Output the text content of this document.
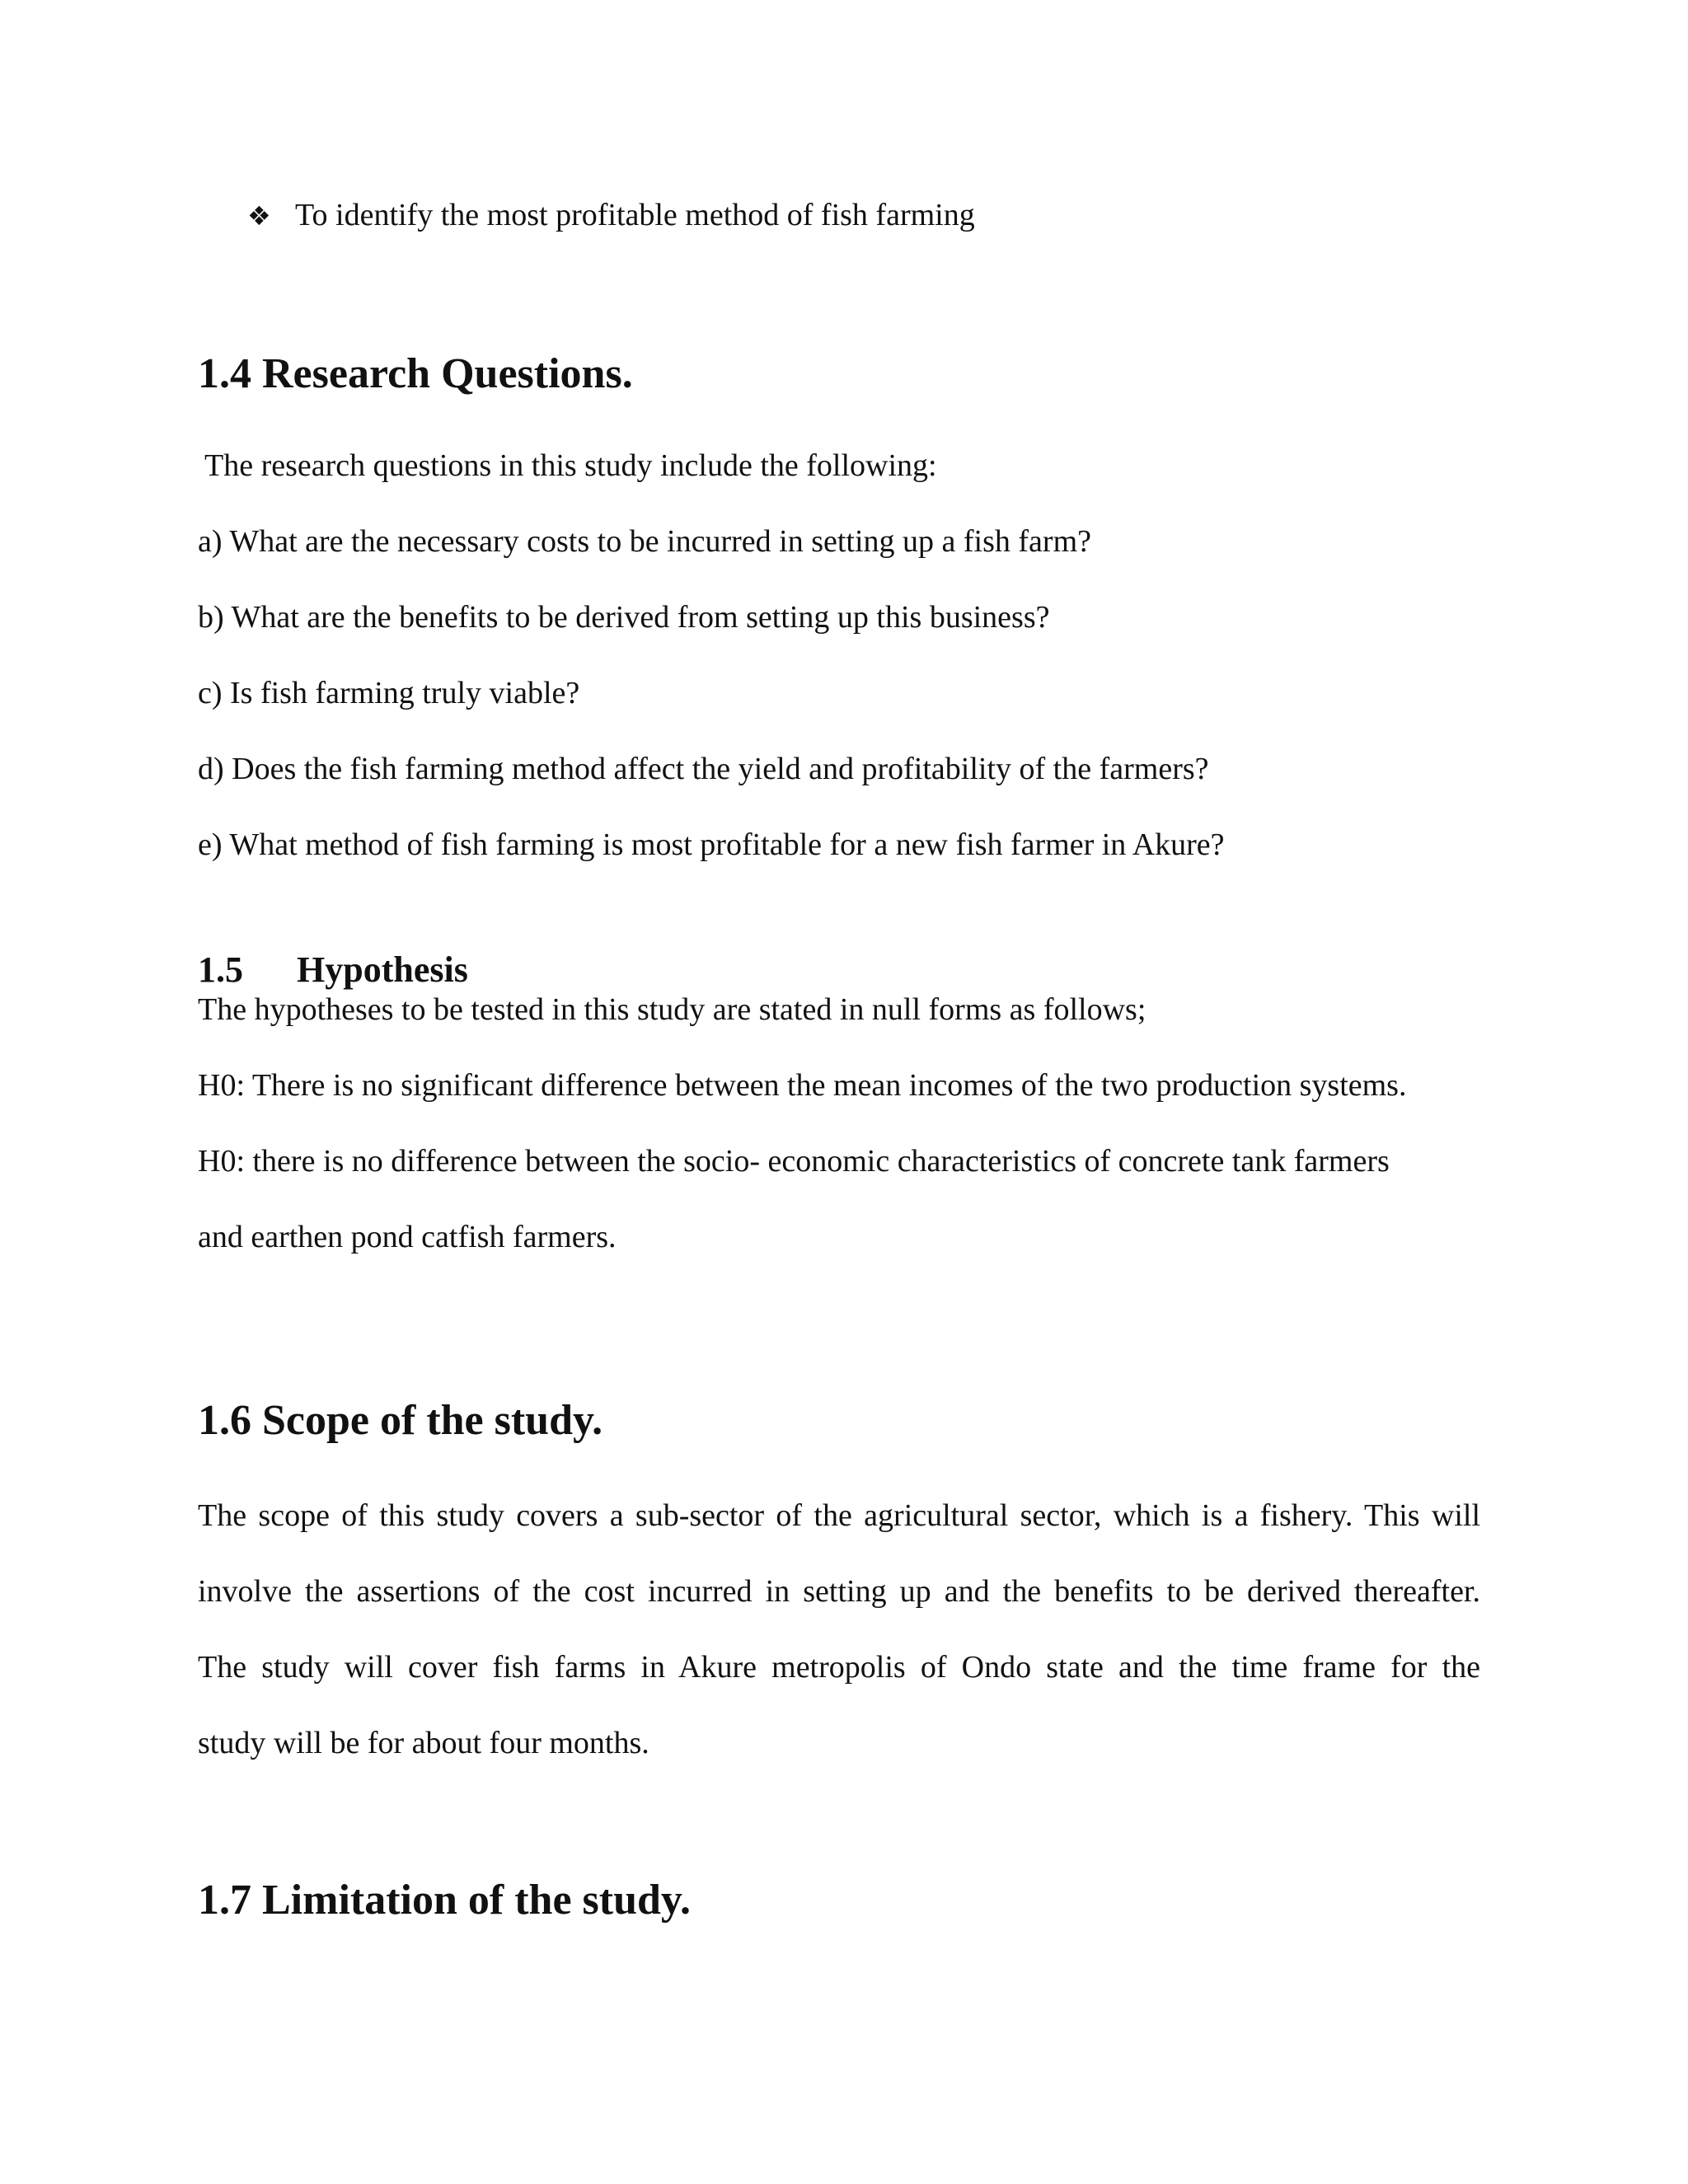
❖ To identify the most profitable method of fish farming
1.4 Research Questions.

The research questions in this study include the following:

a) What are the necessary costs to be incurred in setting up a fish farm?

b) What are the benefits to be derived from setting up this business?

c) Is fish farming truly viable?

d) Does the fish farming method affect the yield and profitability of the farmers?

e) What method of fish farming is most profitable for a new fish farmer in Akure?

1.5 Hypothesis

The hypotheses to be tested in this study are stated in null forms as follows;

H0: There is no significant difference between the mean incomes of the two production systems.

H0: there is no difference between the socio- economic characteristics of concrete tank farmers

and earthen pond catfish farmers.

1.6 Scope of the study.

The scope of this study covers a sub-sector of the agricultural sector, which is a fishery. This will

involve the assertions of the cost incurred in setting up and the benefits to be derived thereafter.

The study will cover fish farms in Akure metropolis of Ondo state and the time frame for the

study will be for about four months.

1.7 Limitation of the study.
